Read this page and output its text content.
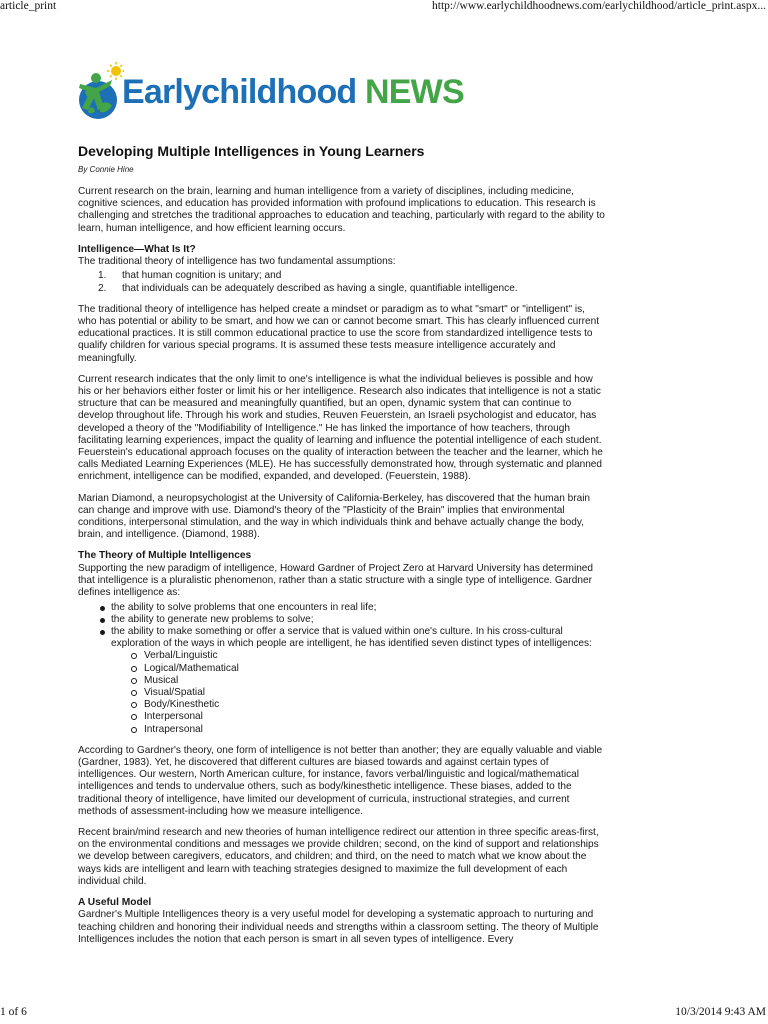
article_print	http://www.earlychildhoodnews.com/earlychildhood/article_print.aspx...
Earlychildhood NEWS
Developing Multiple Intelligences in Young Learners
By Connie Hine

Current research on the brain, learning and human intelligence from a variety of disciplines, including medicine, cognitive sciences, and education has provided information with profound implications to education. This research is challenging and stretches the traditional approaches to education and teaching, particularly with regard to the ability to learn, human intelligence, and how efficient learning occurs.

Intelligence—What Is It?

The traditional theory of intelligence has two fundamental assumptions:

1. that human cognition is unitary; and
2. that individuals can be adequately described as having a single, quantifiable intelligence.

The traditional theory of intelligence has helped create a mindset or paradigm as to what "smart" or "intelligent" is, who has potential or ability to be smart, and how we can or cannot become smart. This has clearly influenced current educational practices. It is still common educational practice to use the score from standardized intelligence tests to qualify children for various special programs. It is assumed these tests measure intelligence accurately and meaningfully.

Current research indicates that the only limit to one's intelligence is what the individual believes is possible and how his or her behaviors either foster or limit his or her intelligence. Research also indicates that intelligence is not a static structure that can be measured and meaningfully quantified, but an open, dynamic system that can continue to develop throughout life. Through his work and studies, Reuven Feuerstein, an Israeli psychologist and educator, has developed a theory of the "Modifiability of Intelligence." He has linked the importance of how teachers, through facilitating learning experiences, impact the quality of learning and influence the potential intelligence of each student. Feuerstein's educational approach focuses on the quality of interaction between the teacher and the learner, which he calls Mediated Learning Experiences (MLE). He has successfully demonstrated how, through systematic and planned enrichment, intelligence can be modified, expanded, and developed. (Feuerstein, 1988).

Marian Diamond, a neuropsychologist at the University of California-Berkeley, has discovered that the human brain can change and improve with use. Diamond's theory of the "Plasticity of the Brain" implies that environmental conditions, interpersonal stimulation, and the way in which individuals think and behave actually change the body, brain, and intelligence. (Diamond, 1988).

The Theory of Multiple Intelligences

Supporting the new paradigm of intelligence, Howard Gardner of Project Zero at Harvard University has determined that intelligence is a pluralistic phenomenon, rather than a static structure with a single type of intelligence. Gardner defines intelligence as:

the ability to solve problems that one encounters in real life;
the ability to generate new problems to solve;
the ability to make something or offer a service that is valued within one's culture. In his cross-cultural exploration of the ways in which people are intelligent, he has identified seven distinct types of intelligences:
Verbal/Linguistic
Logical/Mathematical
Musical
Visual/Spatial
Body/Kinesthetic
Interpersonal
Intrapersonal

According to Gardner's theory, one form of intelligence is not better than another; they are equally valuable and viable (Gardner, 1983). Yet, he discovered that different cultures are biased towards and against certain types of intelligences. Our western, North American culture, for instance, favors verbal/linguistic and logical/mathematical intelligences and tends to undervalue others, such as body/kinesthetic intelligence. These biases, added to the traditional theory of intelligence, have limited our development of curricula, instructional strategies, and current methods of assessment-including how we measure intelligence.

Recent brain/mind research and new theories of human intelligence redirect our attention in three specific areas-first, on the environmental conditions and messages we provide children; second, on the kind of support and relationships we develop between caregivers, educators, and children; and third, on the need to match what we know about the ways kids are intelligent and learn with teaching strategies designed to maximize the full development of each individual child.

A Useful Model

Gardner's Multiple Intelligences theory is a very useful model for developing a systematic approach to nurturing and teaching children and honoring their individual needs and strengths within a classroom setting. The theory of Multiple Intelligences includes the notion that each person is smart in all seven types of intelligence. Every

1 of 6	10/3/2014 9:43 AM
